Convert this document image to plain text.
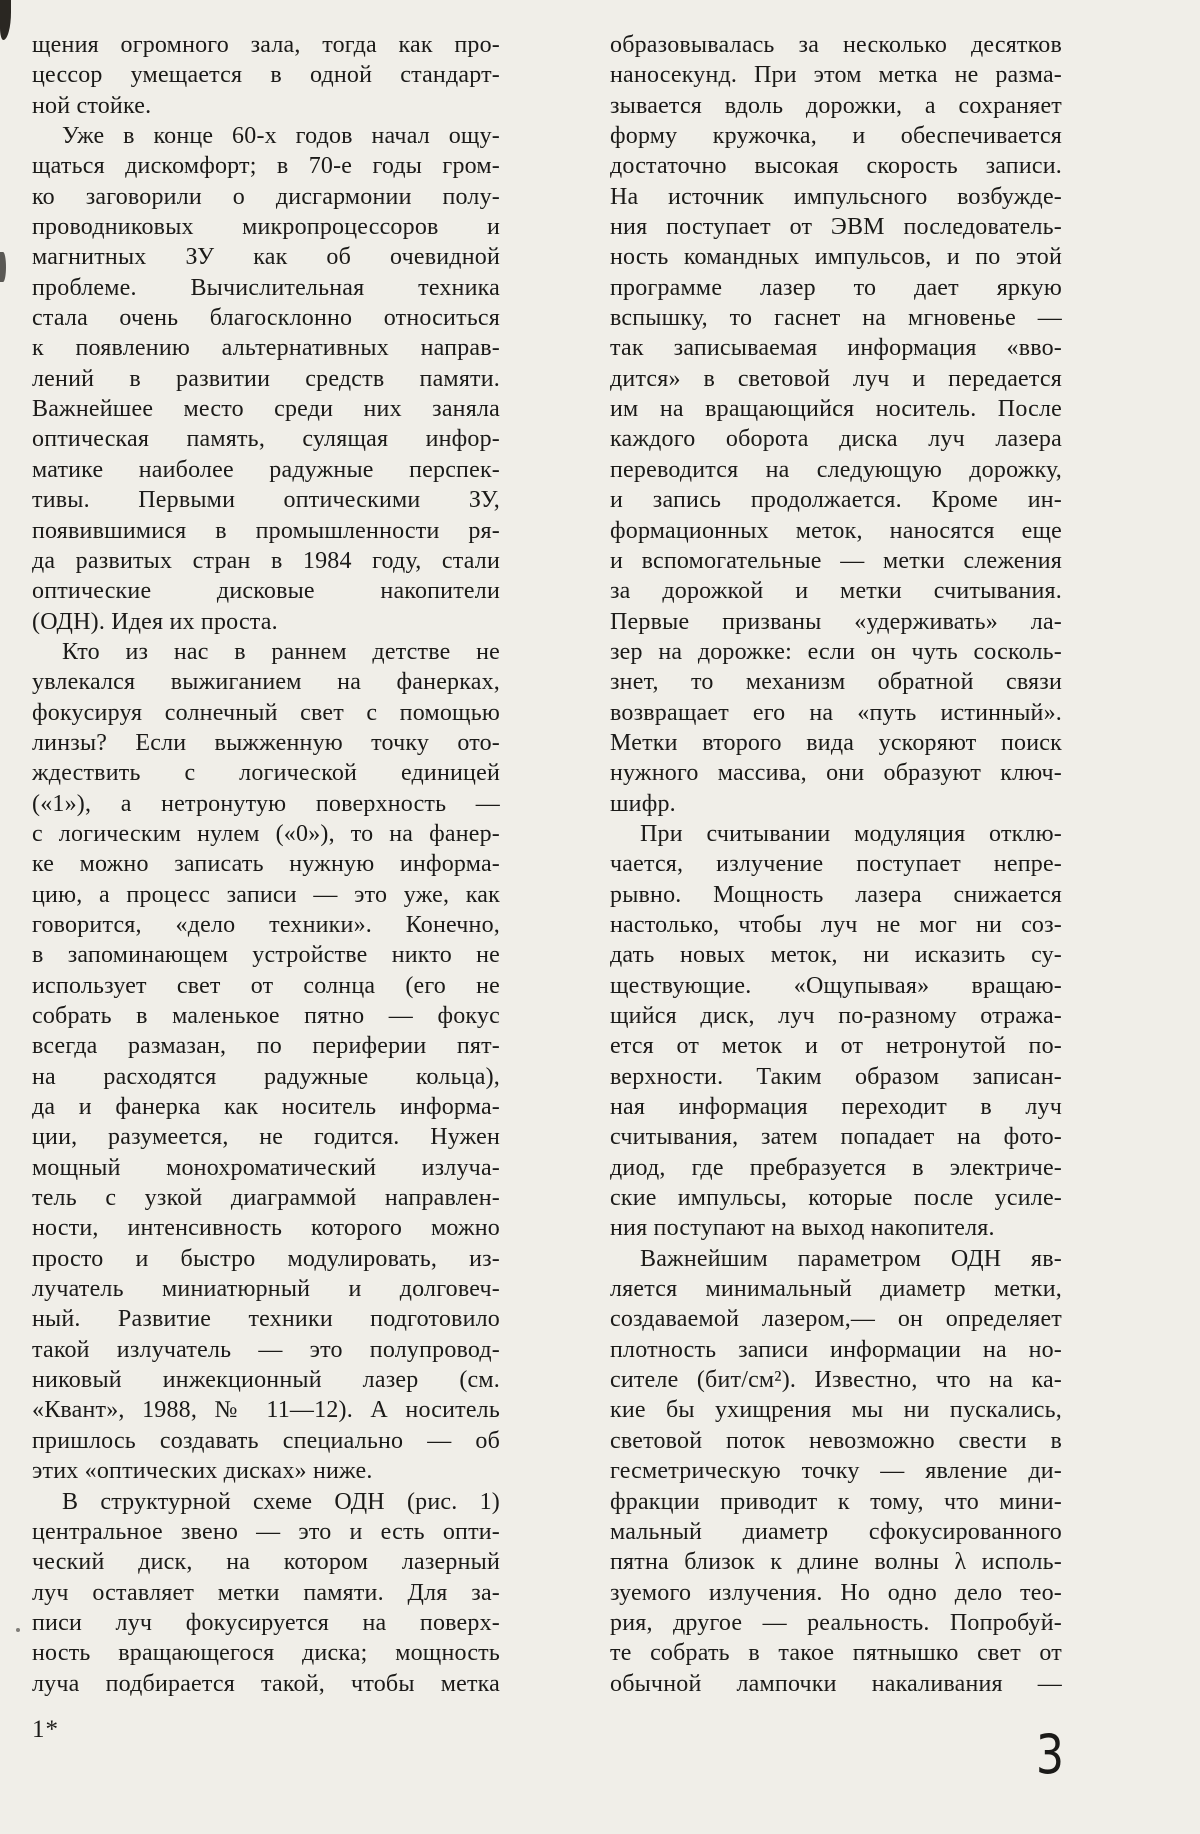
щения огромного зала, тогда как про-
цессор умещается в одной стандарт-
ной стойке.
Уже в конце 60-х годов начал ощу-
щаться дискомфорт; в 70-е годы гром-
ко заговорили о дисгармонии полу-
проводниковых микропроцессоров и
магнитных ЗУ как об очевидной
проблеме. Вычислительная техника
стала очень благосклонно относиться
к появлению альтернативных направ-
лений в развитии средств памяти.
Важнейшее место среди них заняла
оптическая память, сулящая инфор-
матике наиболее радужные перспек-
тивы. Первыми оптическими ЗУ,
появившимися в промышленности ря-
да развитых стран в 1984 году, стали
оптические дисковые накопители
(ОДН). Идея их проста.
Кто из нас в раннем детстве не
увлекался выжиганием на фанерках,
фокусируя солнечный свет с помощью
линзы? Если выжженную точку ото-
ждествить с логической единицей
(«1»), а нетронутую поверхность —
с логическим нулем («0»), то на фанер-
ке можно записать нужную информа-
цию, а процесс записи — это уже, как
говорится, «дело техники». Конечно,
в запоминающем устройстве никто не
использует свет от солнца (его не
собрать в маленькое пятно — фокус
всегда размазан, по периферии пят-
на расходятся радужные кольца),
да и фанерка как носитель информа-
ции, разумеется, не годится. Нужен
мощный монохроматический излуча-
тель с узкой диаграммой направлен-
ности, интенсивность которого можно
просто и быстро модулировать, из-
лучатель миниатюрный и долговеч-
ный. Развитие техники подготовило
такой излучатель — это полупровод-
никовый инжекционный лазер (см.
«Квант», 1988, № 11—12). А носитель
пришлось создавать специально — об
этих «оптических дисках» ниже.
В структурной схеме ОДН (рис. 1)
центральное звено — это и есть опти-
ческий диск, на котором лазерный
луч оставляет метки памяти. Для за-
писи луч фокусируется на поверх-
ность вращающегося диска; мощность
луча подбирается такой, чтобы метка
образовывалась за несколько десятков
наносекунд. При этом метка не разма-
зывается вдоль дорожки, а сохраняет
форму кружочка, и обеспечивается
достаточно высокая скорость записи.
На источник импульсного возбужде-
ния поступает от ЭВМ последователь-
ность командных импульсов, и по этой
программе лазер то дает яркую
вспышку, то гаснет на мгновенье —
так записываемая информация «вво-
дится» в световой луч и передается
им на вращающийся носитель. После
каждого оборота диска луч лазера
переводится на следующую дорожку,
и запись продолжается. Кроме ин-
формационных меток, наносятся еще
и вспомогательные — метки слежения
за дорожкой и метки считывания.
Первые призваны «удерживать» ла-
зер на дорожке: если он чуть сосколь-
знет, то механизм обратной связи
возвращает его на «путь истинный».
Метки второго вида ускоряют поиск
нужного массива, они образуют ключ-
шифр.
При считывании модуляция отклю-
чается, излучение поступает непре-
рывно. Мощность лазера снижается
настолько, чтобы луч не мог ни соз-
дать новых меток, ни исказить су-
ществующие. «Ощупывая» вращаю-
щийся диск, луч по-разному отража-
ется от меток и от нетронутой по-
верхности. Таким образом записан-
ная информация переходит в луч
считывания, затем попадает на фото-
диод, где пребразуется в электриче-
ские импульсы, которые после усиле-
ния поступают на выход накопителя.
Важнейшим параметром ОДН яв-
ляется минимальный диаметр метки,
создаваемой лазером,— он определяет
плотность записи информации на но-
сителе (бит/см²). Известно, что на ка-
кие бы ухищрения мы ни пускались,
световой поток невозможно свести в
гесметрическую точку — явление ди-
фракции приводит к тому, что мини-
мальный диаметр сфокусированного
пятна близок к длине волны λ исполь-
зуемого излучения. Но одно дело тео-
рия, другое — реальность. Попробуй-
те собрать в такое пятнышко свет от
обычной лампочки накаливания —
1*	3
